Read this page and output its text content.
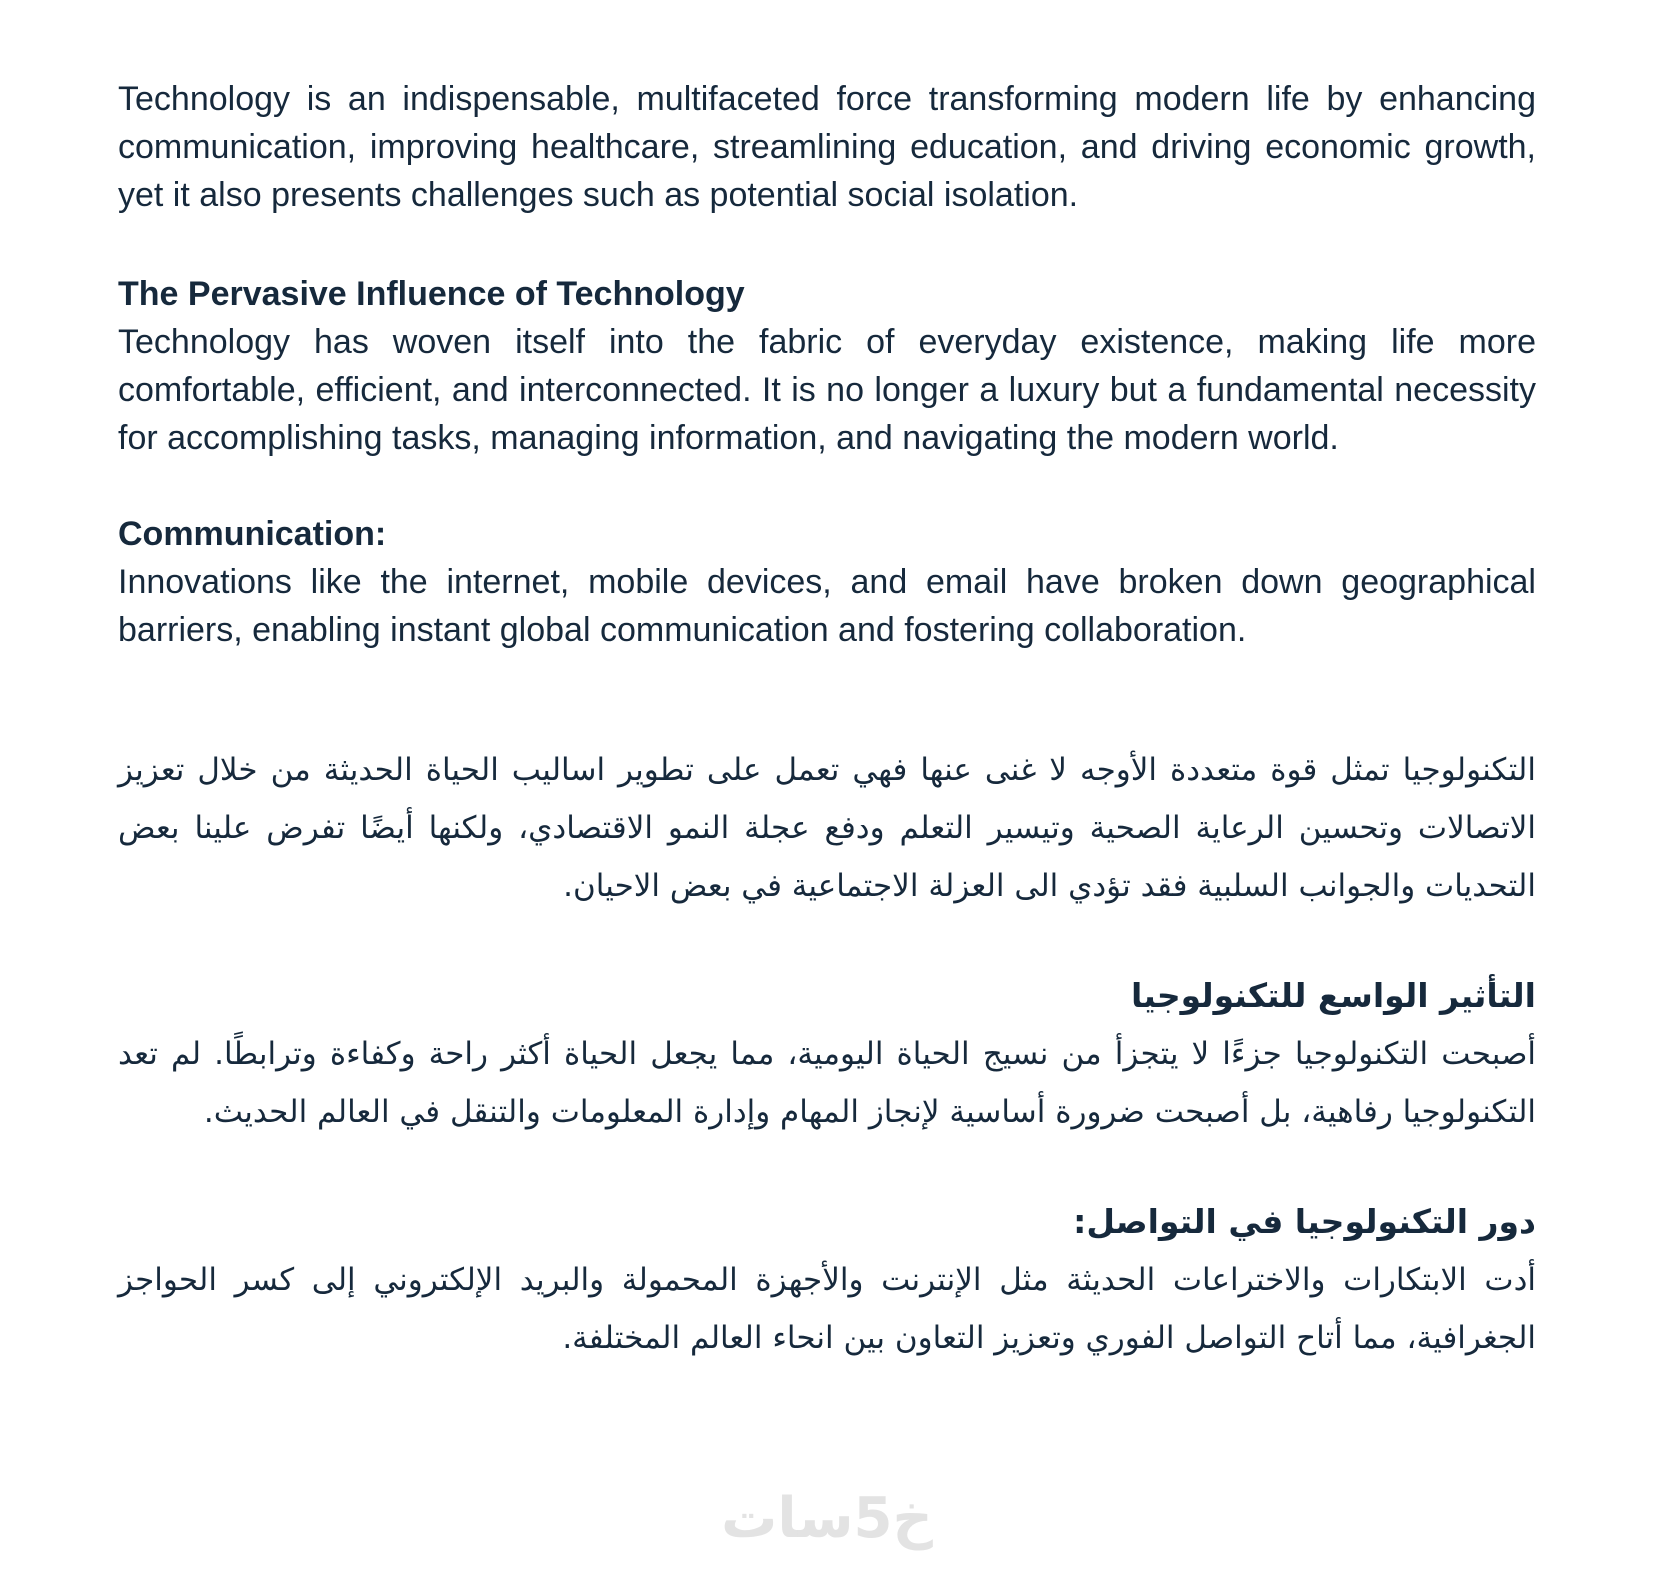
Technology is an indispensable, multifaceted force transforming modern life by enhancing communication, improving healthcare, streamlining education, and driving economic growth, yet it also presents challenges such as potential social isolation.

The Pervasive Influence of Technology

Technology has woven itself into the fabric of everyday existence, making life more comfortable, efficient, and interconnected. It is no longer a luxury but a fundamental necessity for accomplishing tasks, managing information, and navigating the modern world.

Communication:

Innovations like the internet, mobile devices, and email have broken down geographical barriers, enabling instant global communication and fostering collaboration.

التكنولوجيا تمثل قوة متعددة الأوجه لا غنى عنها فهي تعمل على تطوير اساليب الحياة الحديثة من خلال تعزيز الاتصالات وتحسين الرعاية الصحية وتيسير التعلم ودفع عجلة النمو الاقتصادي، ولكنها أيضًا تفرض علينا بعض التحديات والجوانب السلبية فقد تؤدي الى العزلة الاجتماعية في بعض الاحيان.

التأثير الواسع للتكنولوجيا

أصبحت التكنولوجيا جزءًا لا يتجزأ من نسيج الحياة اليومية، مما يجعل الحياة أكثر راحة وكفاءة وترابطًا. لم تعد التكنولوجيا رفاهية، بل أصبحت ضرورة أساسية لإنجاز المهام وإدارة المعلومات والتنقل في العالم الحديث.

دور التكنولوجيا في التواصل:

أدت الابتكارات والاختراعات الحديثة مثل الإنترنت والأجهزة المحمولة والبريد الإلكتروني إلى كسر الحواجز الجغرافية، مما أتاح التواصل الفوري وتعزيز التعاون بين انحاء العالم المختلفة.

خ5سات
